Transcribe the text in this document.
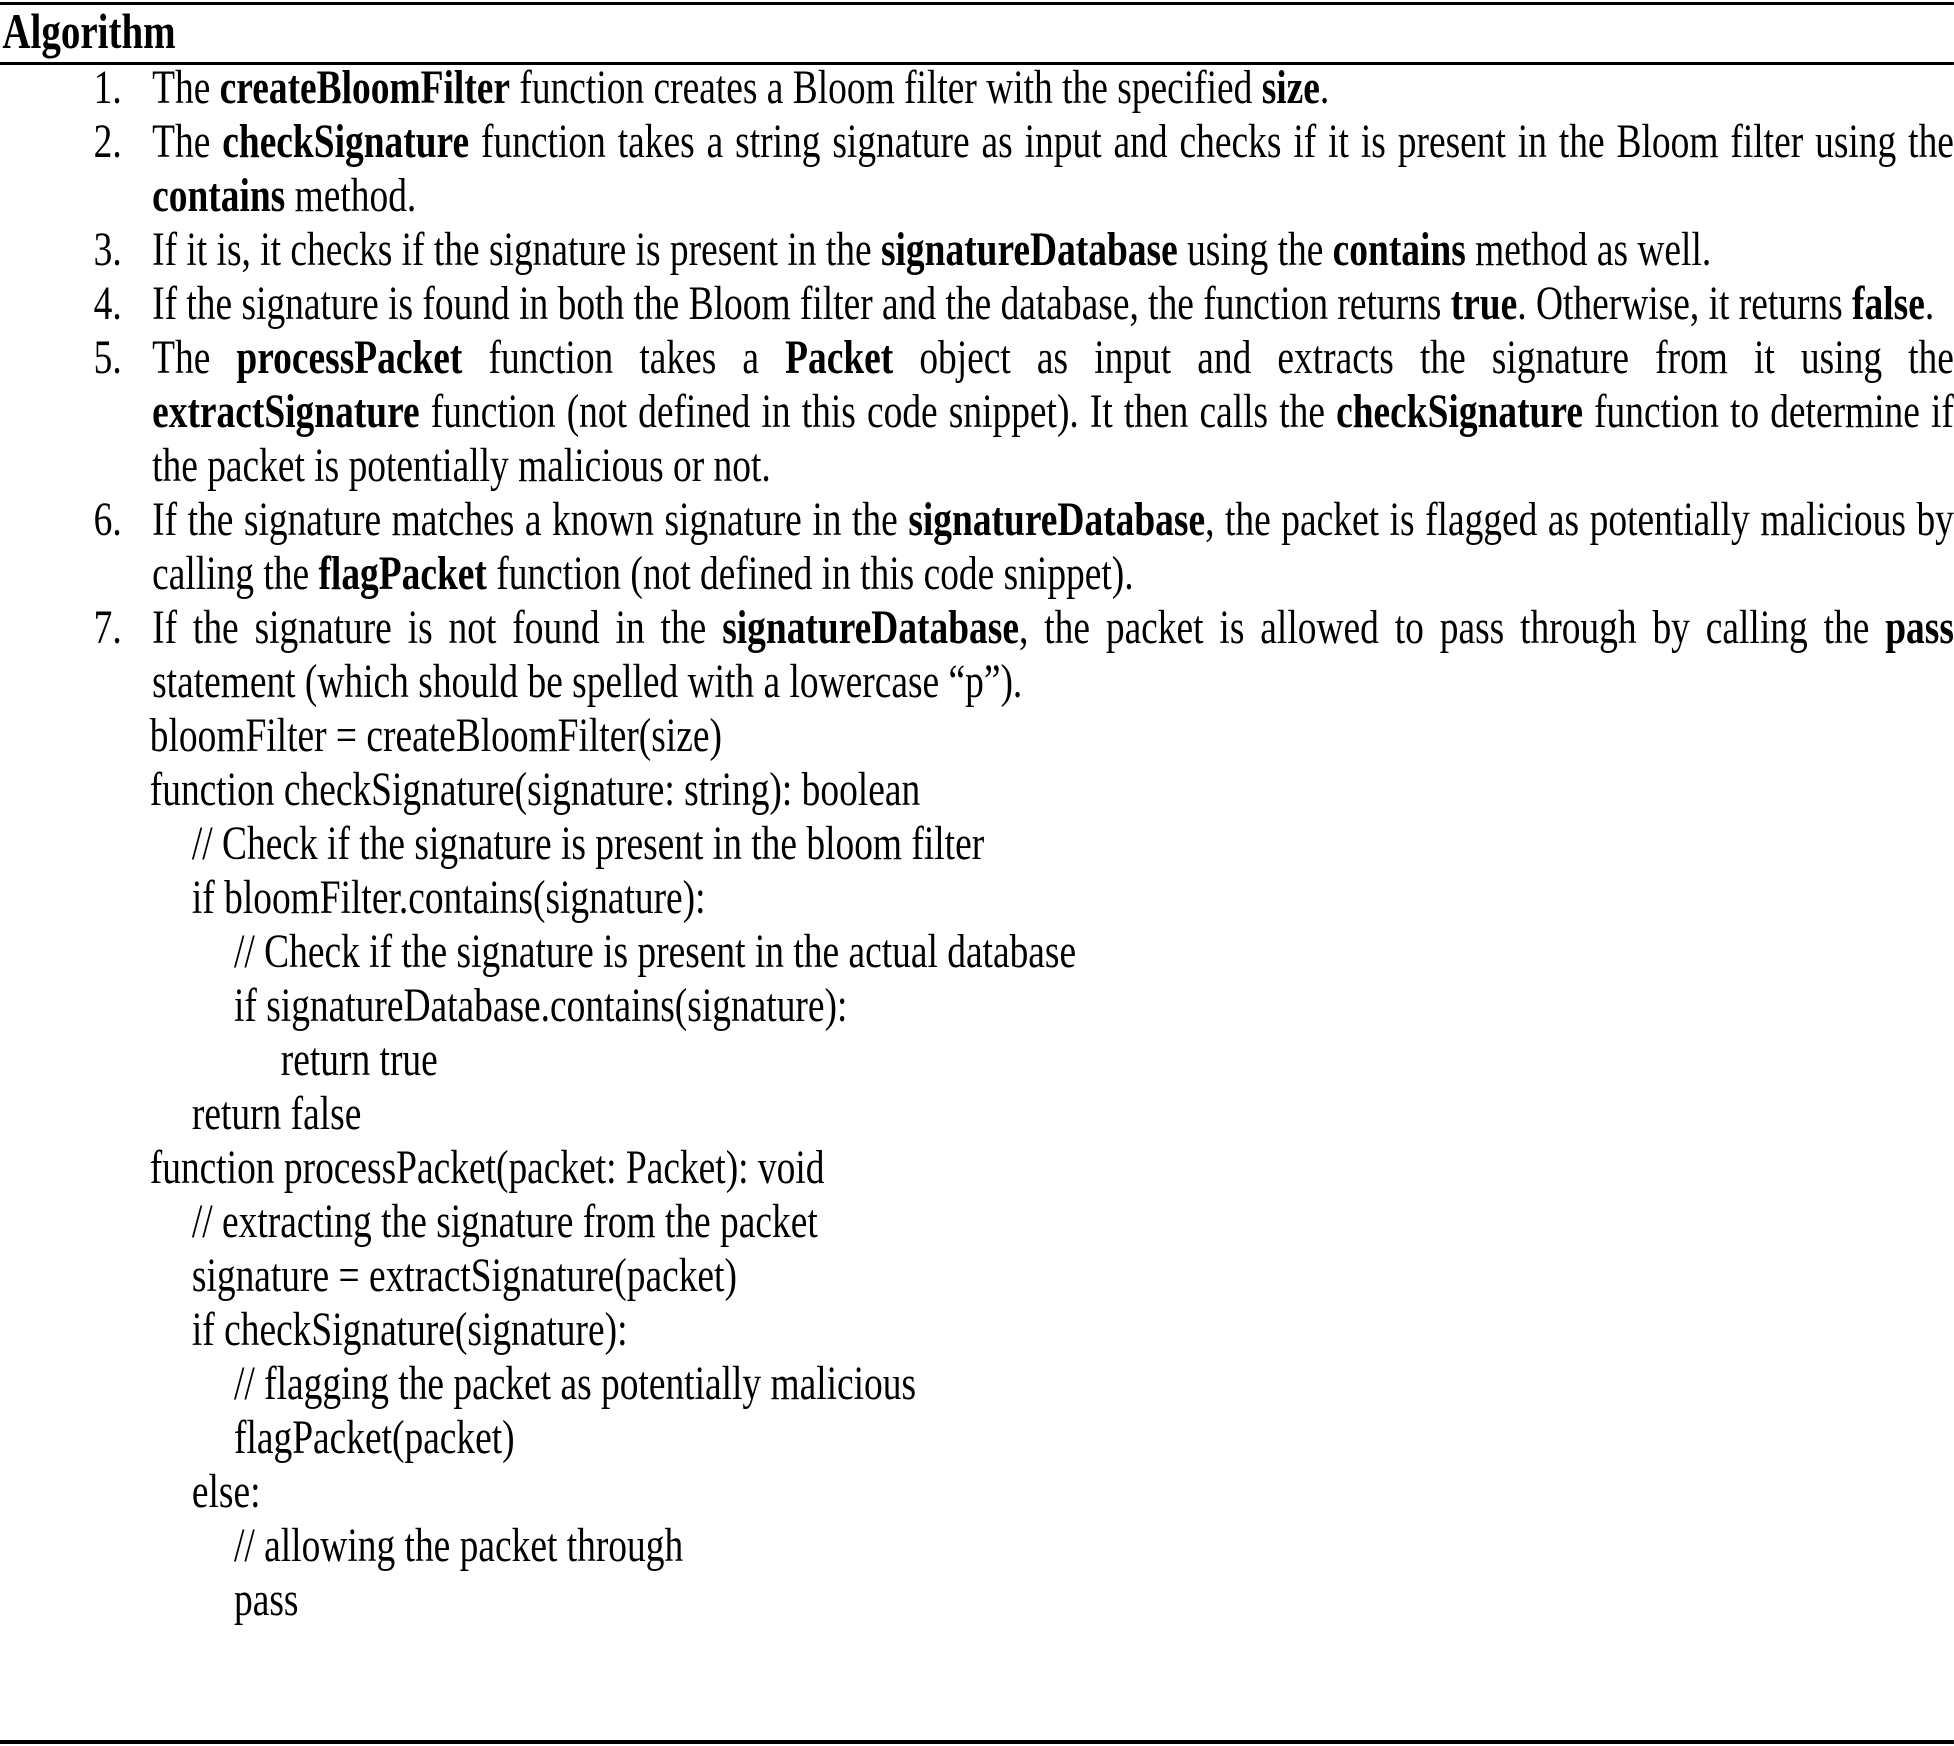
Algorithm
1. The createBloomFilter function creates a Bloom filter with the specified size.
2. The checkSignature function takes a string signature as input and checks if it is present in the Bloom filter using the contains method.
3. If it is, it checks if the signature is present in the signatureDatabase using the contains method as well.
4. If the signature is found in both the Bloom filter and the database, the function returns true. Otherwise, it returns false.
5. The processPacket function takes a Packet object as input and extracts the signature from it using the extractSignature function (not defined in this code snippet). It then calls the checkSignature function to determine if the packet is potentially malicious or not.
6. If the signature matches a known signature in the signatureDatabase, the packet is flagged as potentially malicious by calling the flagPacket function (not defined in this code snippet).
7. If the signature is not found in the signatureDatabase, the packet is allowed to pass through by calling the pass statement (which should be spelled with a lowercase “p”).
bloomFilter = createBloomFilter(size)
function checkSignature(signature: string): boolean
// Check if the signature is present in the bloom filter
if bloomFilter.contains(signature):
// Check if the signature is present in the actual database
if signatureDatabase.contains(signature):
return true
return false
function processPacket(packet: Packet): void
// extracting the signature from the packet
signature = extractSignature(packet)
if checkSignature(signature):
// flagging the packet as potentially malicious
flagPacket(packet)
else:
// allowing the packet through
pass
